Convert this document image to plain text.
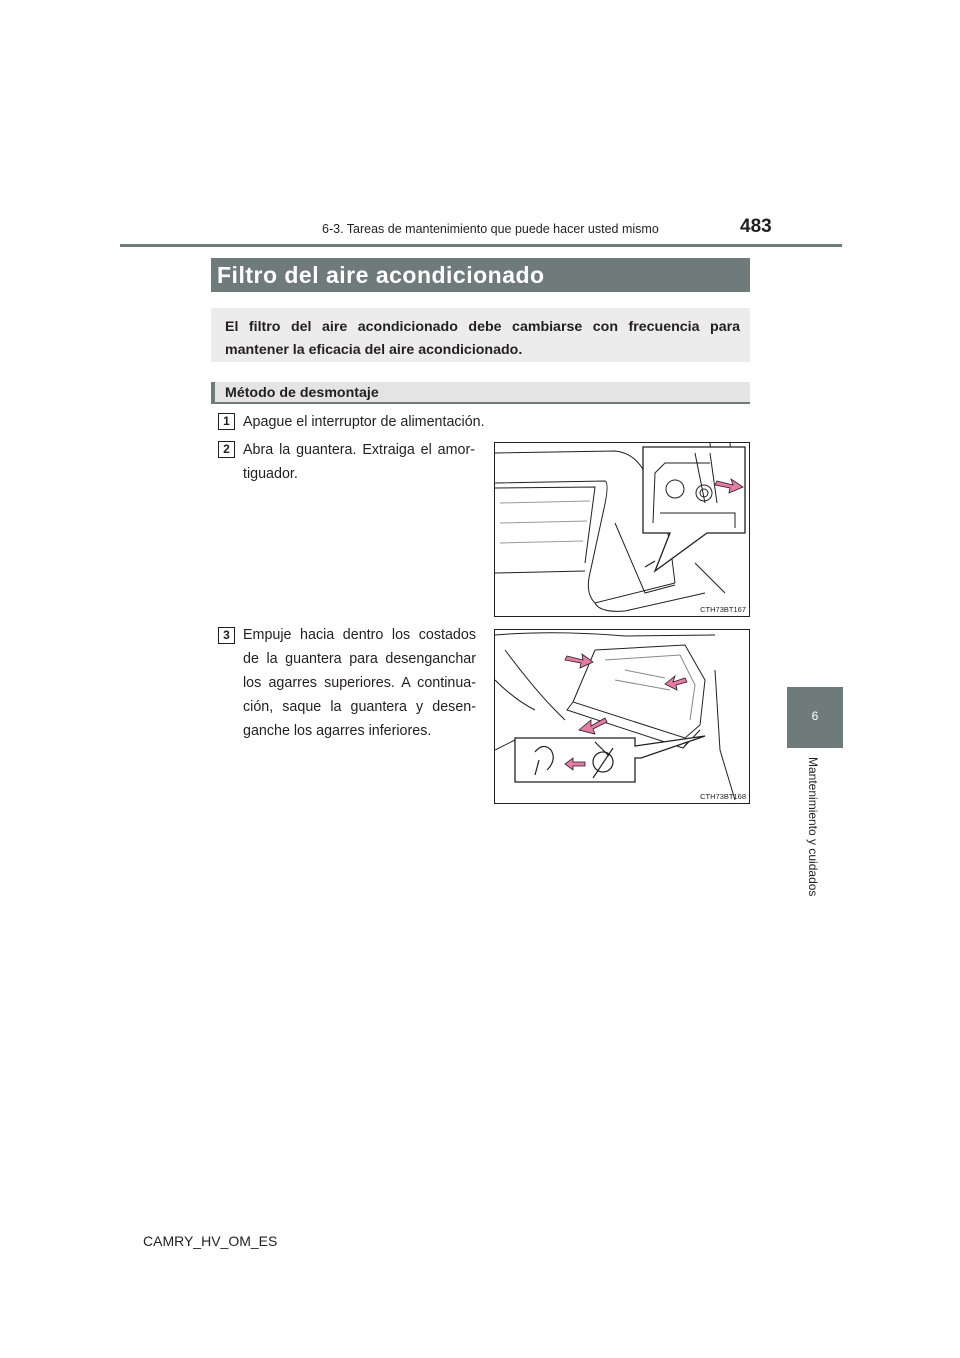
6-3. Tareas de mantenimiento que puede hacer usted mismo	483
6
Mantenimiento y cuidados
Filtro del aire acondicionado
El filtro del aire acondicionado debe cambiarse con frecuencia para mantener la eficacia del aire acondicionado.
Método de desmontaje
1 Apague el interruptor de alimentación.
2 Abra la guantera. Extraiga el amor-tiguador.
3 Empuje hacia dentro los costados de la guantera para desenganchar los agarres superiores. A continua-ción, saque la guantera y desen-ganche los agarres inferiores.
CTH73BT167
CTH73BT168
CAMRY_HV_OM_ES
